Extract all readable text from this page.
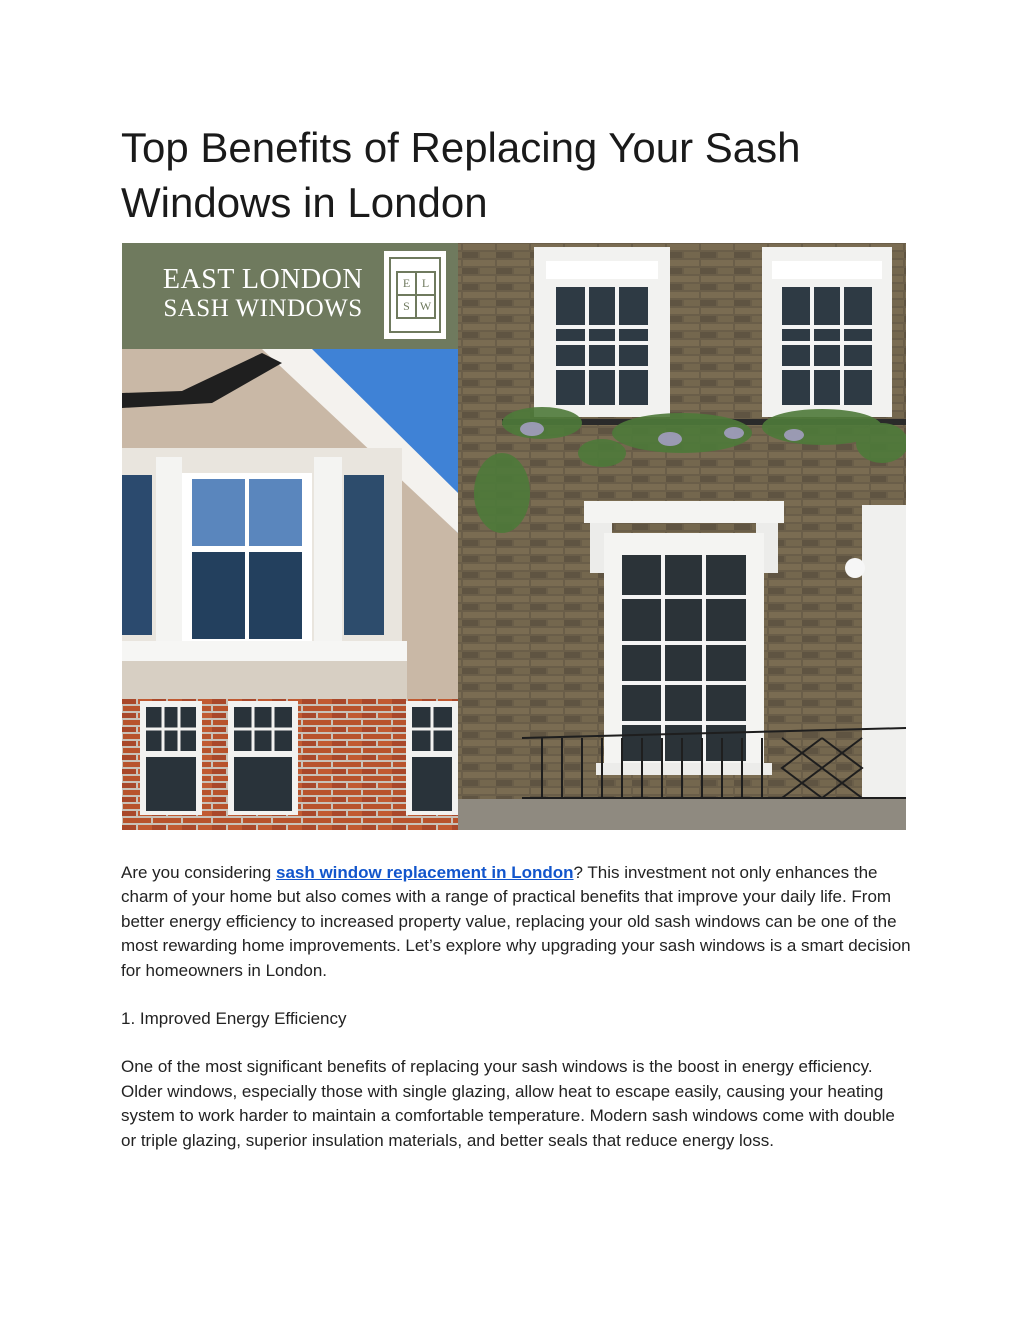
Top Benefits of Replacing Your Sash Windows in London
EAST LONDON
SASH WINDOWS
E L
S W

Are you considering sash window replacement in London? This investment not only enhances the charm of your home but also comes with a range of practical benefits that improve your daily life. From better energy efficiency to increased property value, replacing your old sash windows can be one of the most rewarding home improvements. Let’s explore why upgrading your sash windows is a smart decision for homeowners in London.

1. Improved Energy Efficiency

One of the most significant benefits of replacing your sash windows is the boost in energy efficiency. Older windows, especially those with single glazing, allow heat to escape easily, causing your heating system to work harder to maintain a comfortable temperature. Modern sash windows come with double or triple glazing, superior insulation materials, and better seals that reduce energy loss.
